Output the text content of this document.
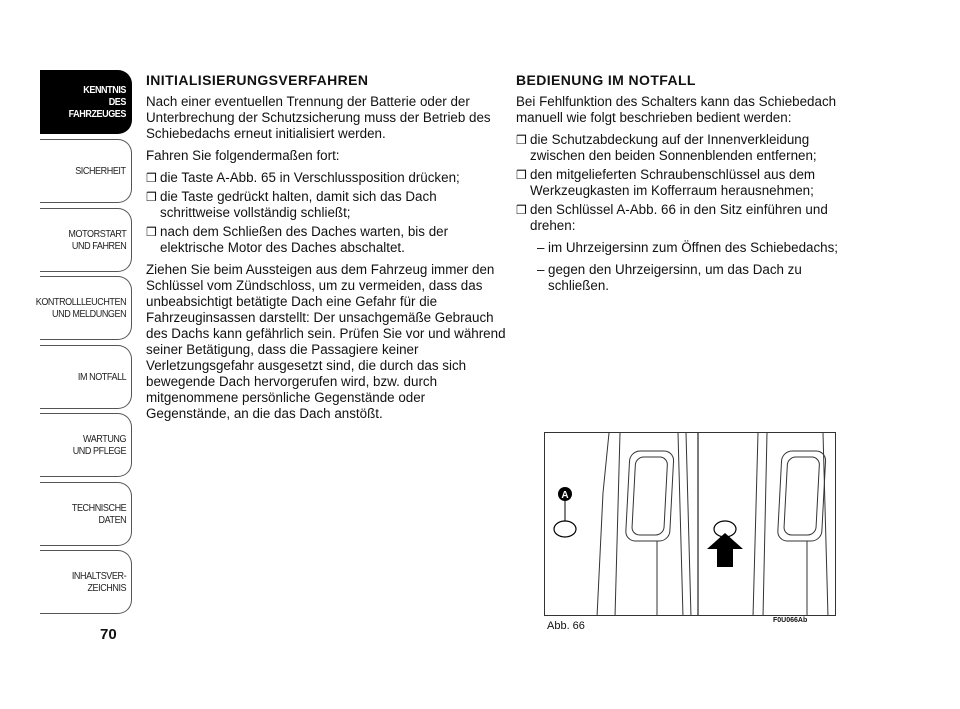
KENNTNIS
DES FAHRZEUGES
SICHERHEIT
MOTORSTART
UND FAHREN
KONTROLLLEUCHTEN
UND MELDUNGEN
IM NOTFALL
WARTUNG
UND PFLEGE
TECHNISCHE
DATEN
INHALTSVER-
ZEICHNIS
70
INITIALISIERUNGSVERFAHREN

Nach einer eventuellen Trennung der Batterie oder der Unterbrechung der Schutzsicherung muss der Betrieb des Schiebedachs erneut initialisiert werden.

Fahren Sie folgendermaßen fort:

❒ die Taste A-Abb. 65 in Verschlussposition drücken;
❒ die Taste gedrückt halten, damit sich das Dach schrittweise vollständig schließt;
❒ nach dem Schließen des Daches warten, bis der elektrische Motor des Daches abschaltet.

Ziehen Sie beim Aussteigen aus dem Fahrzeug immer den Schlüssel vom Zündschloss, um zu vermeiden, dass das unbeabsichtigt betätigte Dach eine Gefahr für die Fahrzeuginsassen darstellt: Der unsachgemäße Gebrauch des Dachs kann gefährlich sein. Prüfen Sie vor und während seiner Betätigung, dass die Passagiere keiner Verletzungsgefahr ausgesetzt sind, die durch das sich bewegende Dach hervorgerufen wird, bzw. durch mitgenommene persönliche Gegenstände oder Gegenstände, an die das Dach anstößt.

BEDIENUNG IM NOTFALL

Bei Fehlfunktion des Schalters kann das Schiebedach manuell wie folgt beschrieben bedient werden:

❒ die Schutzabdeckung auf der Innenverkleidung zwischen den beiden Sonnenblenden entfernen;
❒ den mitgelieferten Schraubenschlüssel aus dem Werkzeugkasten im Kofferraum herausnehmen;
❒ den Schlüssel A-Abb. 66 in den Sitz einführen und drehen:
– im Uhrzeigersinn zum Öffnen des Schiebedachs;
– gegen den Uhrzeigersinn, um das Dach zu schließen.
A
F0U066Ab
Abb. 66
